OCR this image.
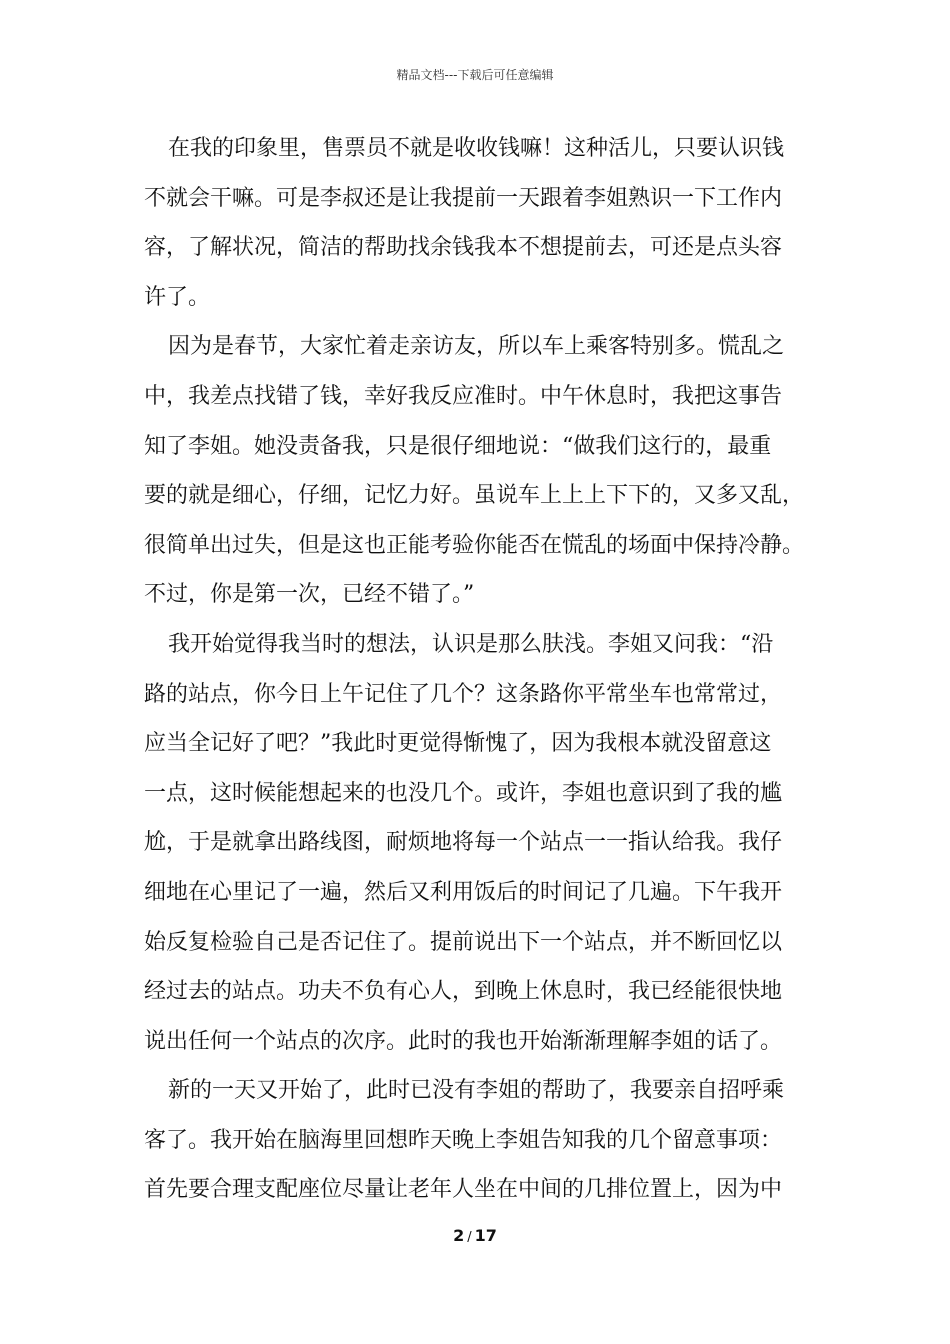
精品文档---下载后可任意编辑
在我的印象里，售票员不就是收收钱嘛！这种活儿，只要认识钱
不就会干嘛。可是李叔还是让我提前一天跟着李姐熟识一下工作内
容，了解状况，简洁的帮助找余钱我本不想提前去，可还是点头容
许了。
因为是春节，大家忙着走亲访友，所以车上乘客特别多。慌乱之
中，我差点找错了钱，幸好我反应准时。中午休息时，我把这事告
知了李姐。她没责备我，只是很仔细地说：“做我们这行的，最重
要的就是细心，仔细，记忆力好。虽说车上上上下下的，又多又乱，
很简单出过失，但是这也正能考验你能否在慌乱的场面中保持冷静。
不过，你是第一次，已经不错了。”
我开始觉得我当时的想法，认识是那么肤浅。李姐又问我：“沿
路的站点，你今日上午记住了几个？这条路你平常坐车也常常过，
应当全记好了吧？”我此时更觉得惭愧了，因为我根本就没留意这
一点，这时候能想起来的也没几个。或许，李姐也意识到了我的尴
尬，于是就拿出路线图，耐烦地将每一个站点一一指认给我。我仔
细地在心里记了一遍，然后又利用饭后的时间记了几遍。下午我开
始反复检验自己是否记住了。提前说出下一个站点，并不断回忆以
经过去的站点。功夫不负有心人，到晚上休息时，我已经能很快地
说出任何一个站点的次序。此时的我也开始渐渐理解李姐的话了。
新的一天又开始了，此时已没有李姐的帮助了，我要亲自招呼乘
客了。我开始在脑海里回想昨天晚上李姐告知我的几个留意事项：
首先要合理支配座位尽量让老年人坐在中间的几排位置上，因为中
2 / 17
